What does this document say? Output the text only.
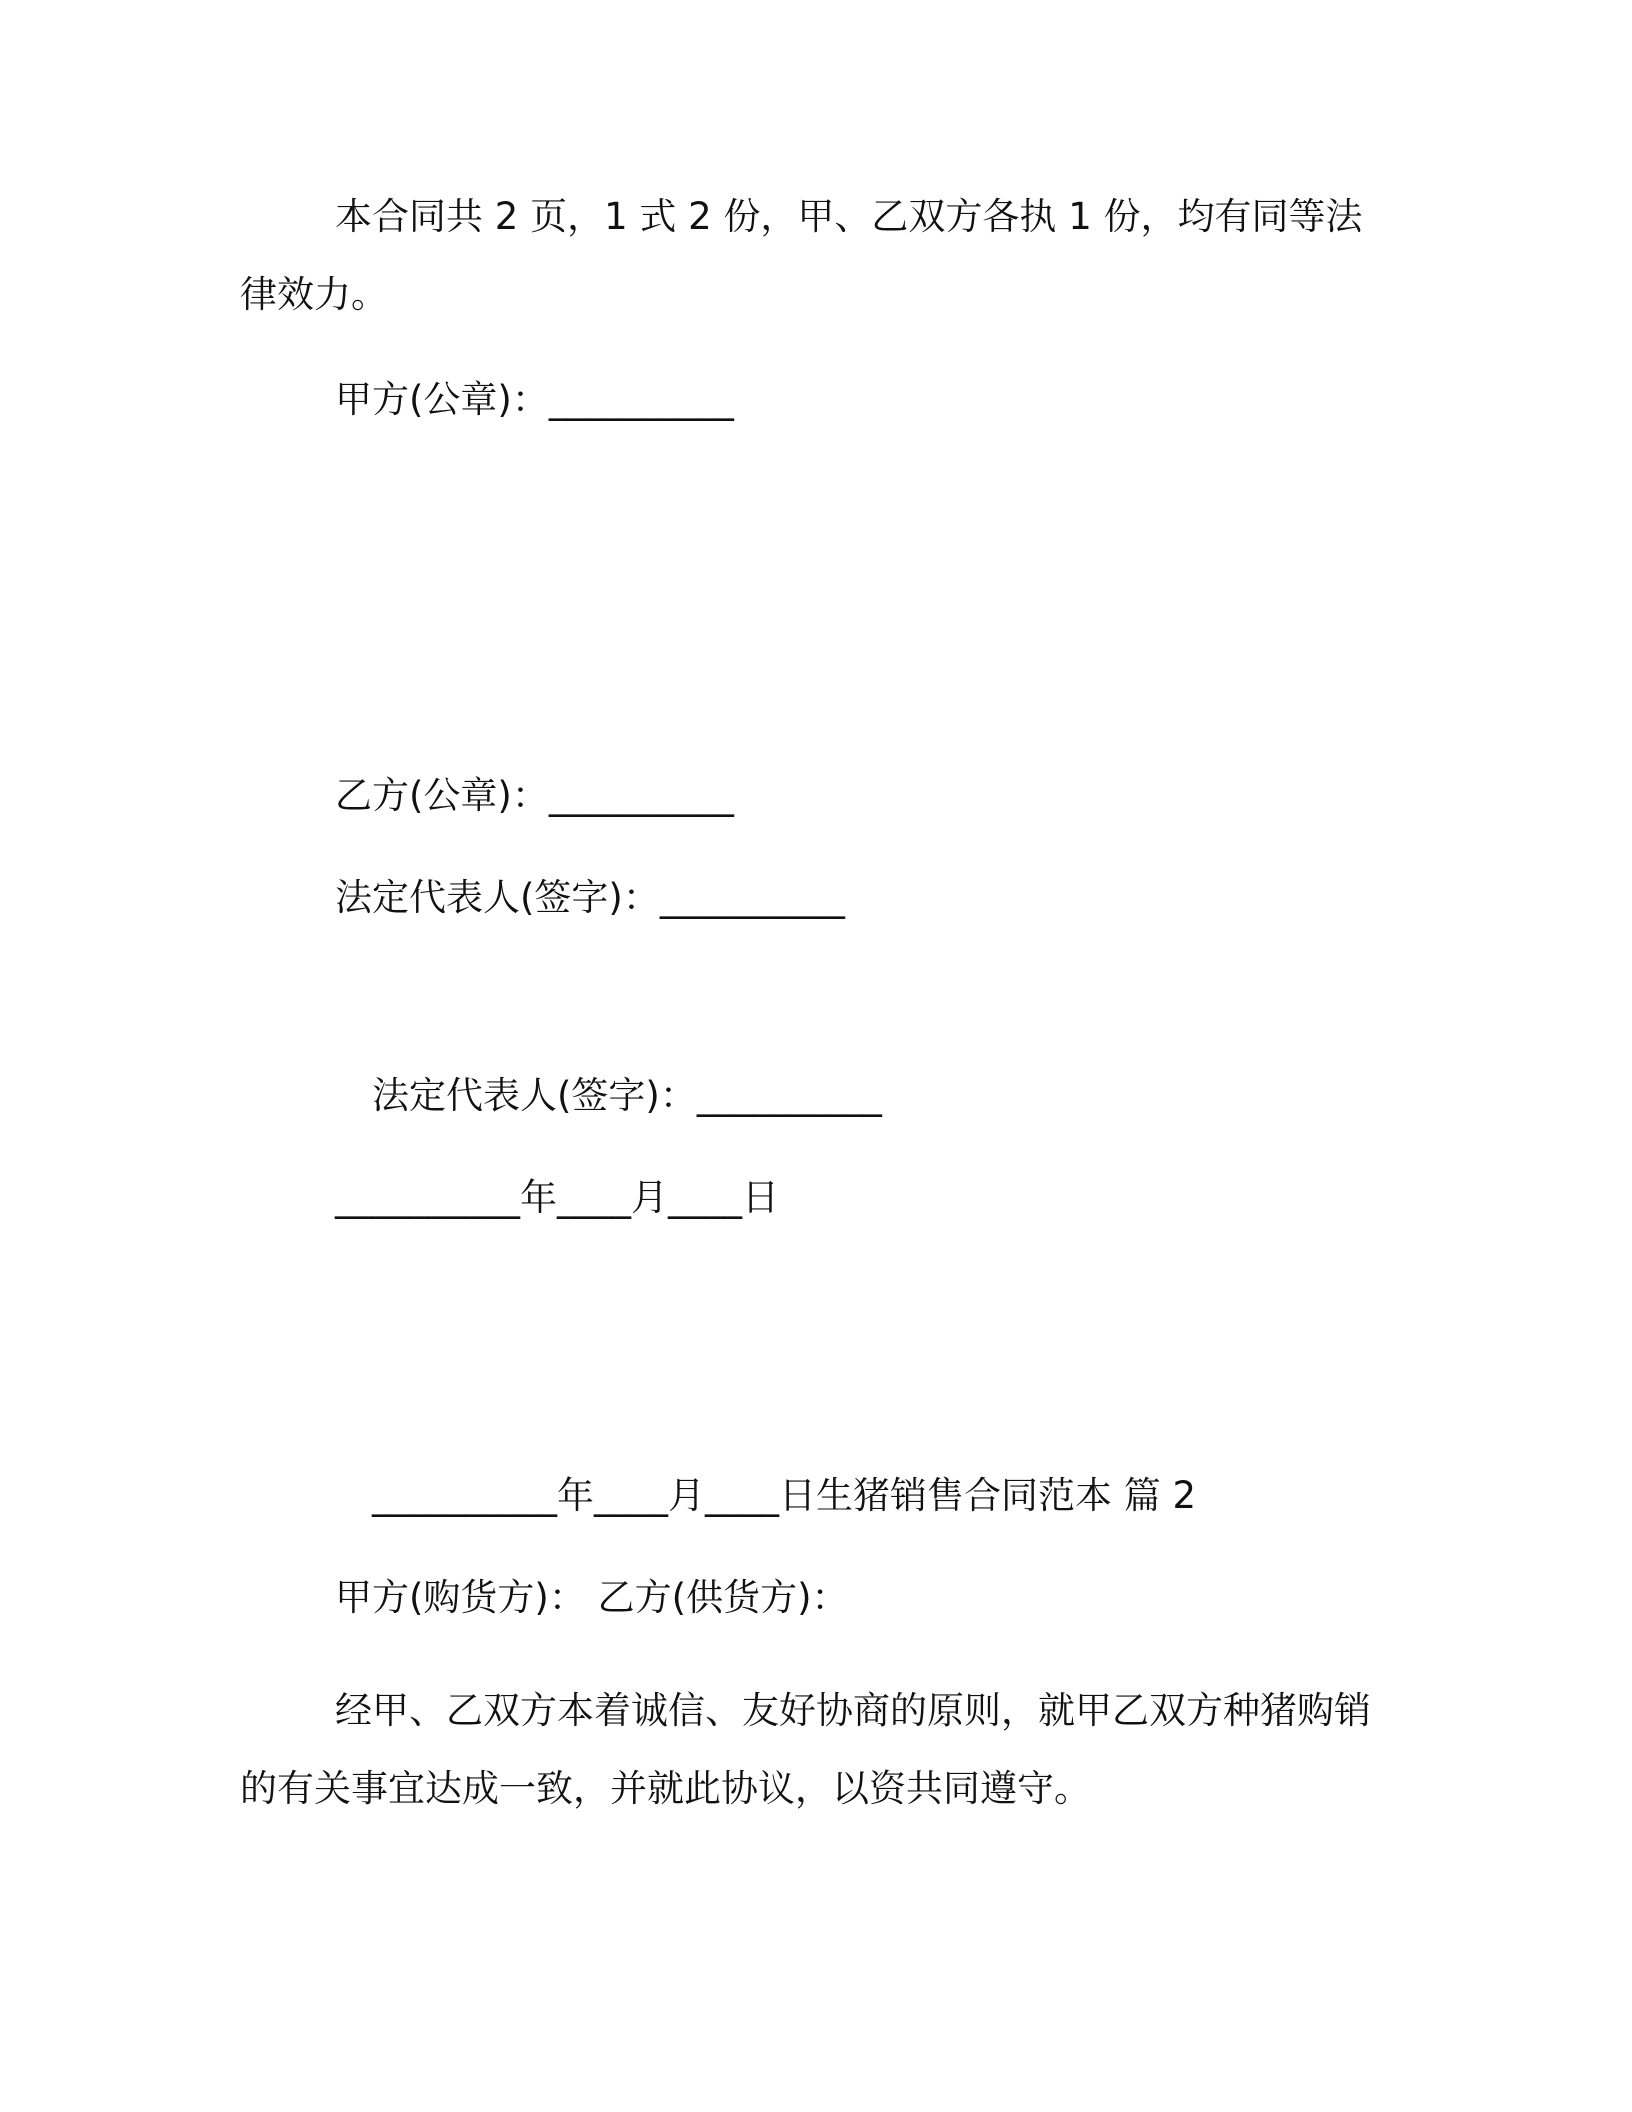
本合同共 2 页，1 式 2 份，甲、乙双方各执 1 份，均有同等法律效力。

甲方(公章)：__________
乙方(公章)：__________
法定代表人(签字)：__________
法定代表人(签字)：__________
__________年____月____日
__________年____月____日生猪销售合同范本 篇 2
甲方(购货方)： 乙方(供货方)：

经甲、乙双方本着诚信、友好协商的原则，就甲乙双方种猪购销的有关事宜达成一致，并就此协议，以资共同遵守。
